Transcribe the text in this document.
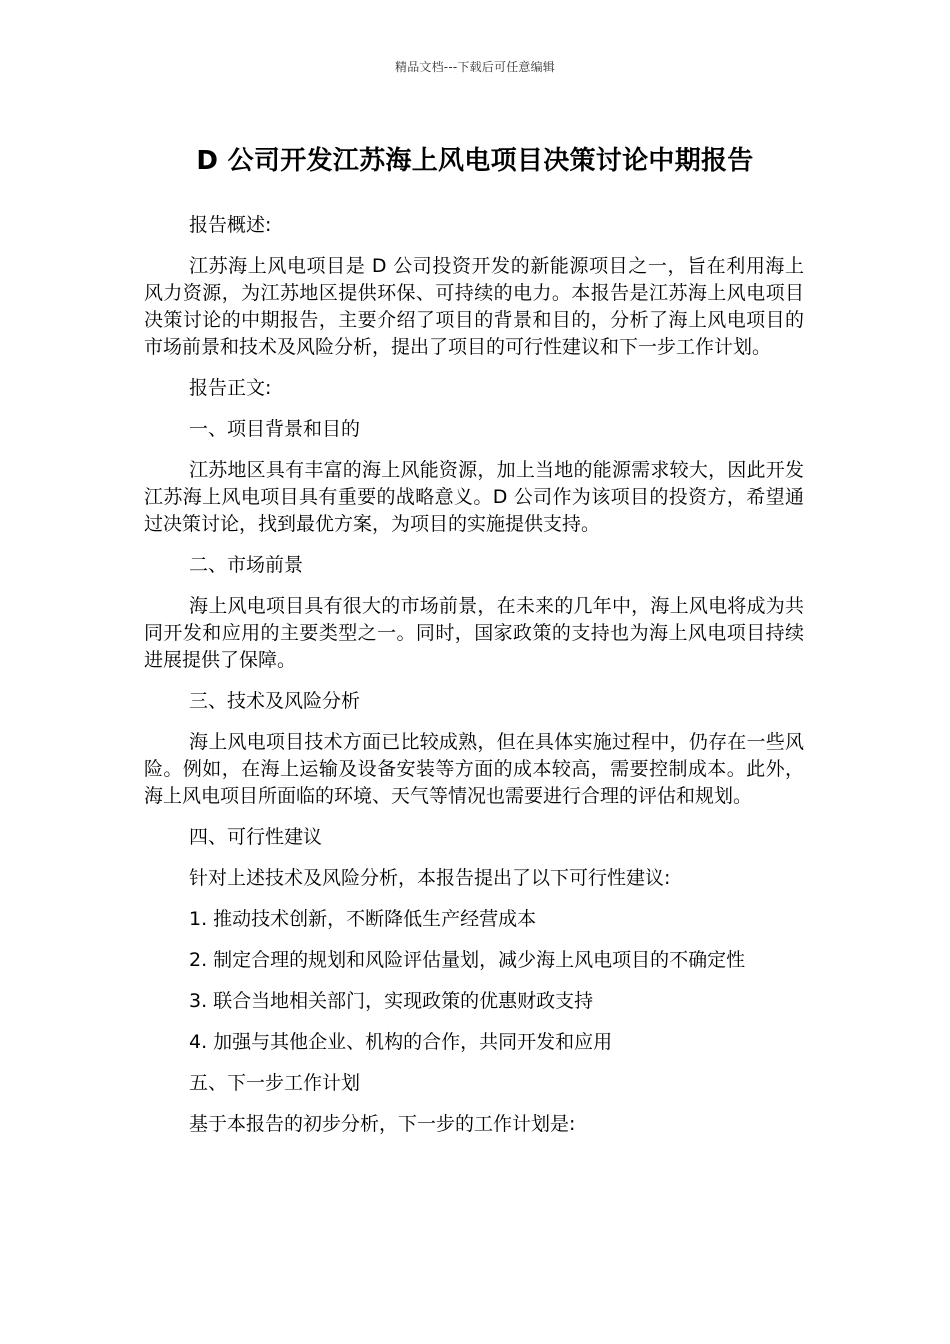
精品文档---下载后可任意编辑
D 公司开发江苏海上风电项目决策讨论中期报告

报告概述:

江苏海上风电项目是 D 公司投资开发的新能源项目之一，旨在利用海上风力资源，为江苏地区提供环保、可持续的电力。本报告是江苏海上风电项目决策讨论的中期报告，主要介绍了项目的背景和目的，分析了海上风电项目的市场前景和技术及风险分析，提出了项目的可行性建议和下一步工作计划。

报告正文:

一、项目背景和目的

江苏地区具有丰富的海上风能资源，加上当地的能源需求较大，因此开发江苏海上风电项目具有重要的战略意义。D 公司作为该项目的投资方，希望通过决策讨论，找到最优方案，为项目的实施提供支持。

二、市场前景

海上风电项目具有很大的市场前景，在未来的几年中，海上风电将成为共同开发和应用的主要类型之一。同时，国家政策的支持也为海上风电项目持续进展提供了保障。

三、技术及风险分析

海上风电项目技术方面已比较成熟，但在具体实施过程中，仍存在一些风险。例如，在海上运输及设备安装等方面的成本较高，需要控制成本。此外，海上风电项目所面临的环境、天气等情况也需要进行合理的评估和规划。

四、可行性建议

针对上述技术及风险分析，本报告提出了以下可行性建议:

1. 推动技术创新，不断降低生产经营成本

2. 制定合理的规划和风险评估量划，减少海上风电项目的不确定性

3. 联合当地相关部门，实现政策的优惠财政支持

4. 加强与其他企业、机构的合作，共同开发和应用

五、下一步工作计划

基于本报告的初步分析，下一步的工作计划是:
